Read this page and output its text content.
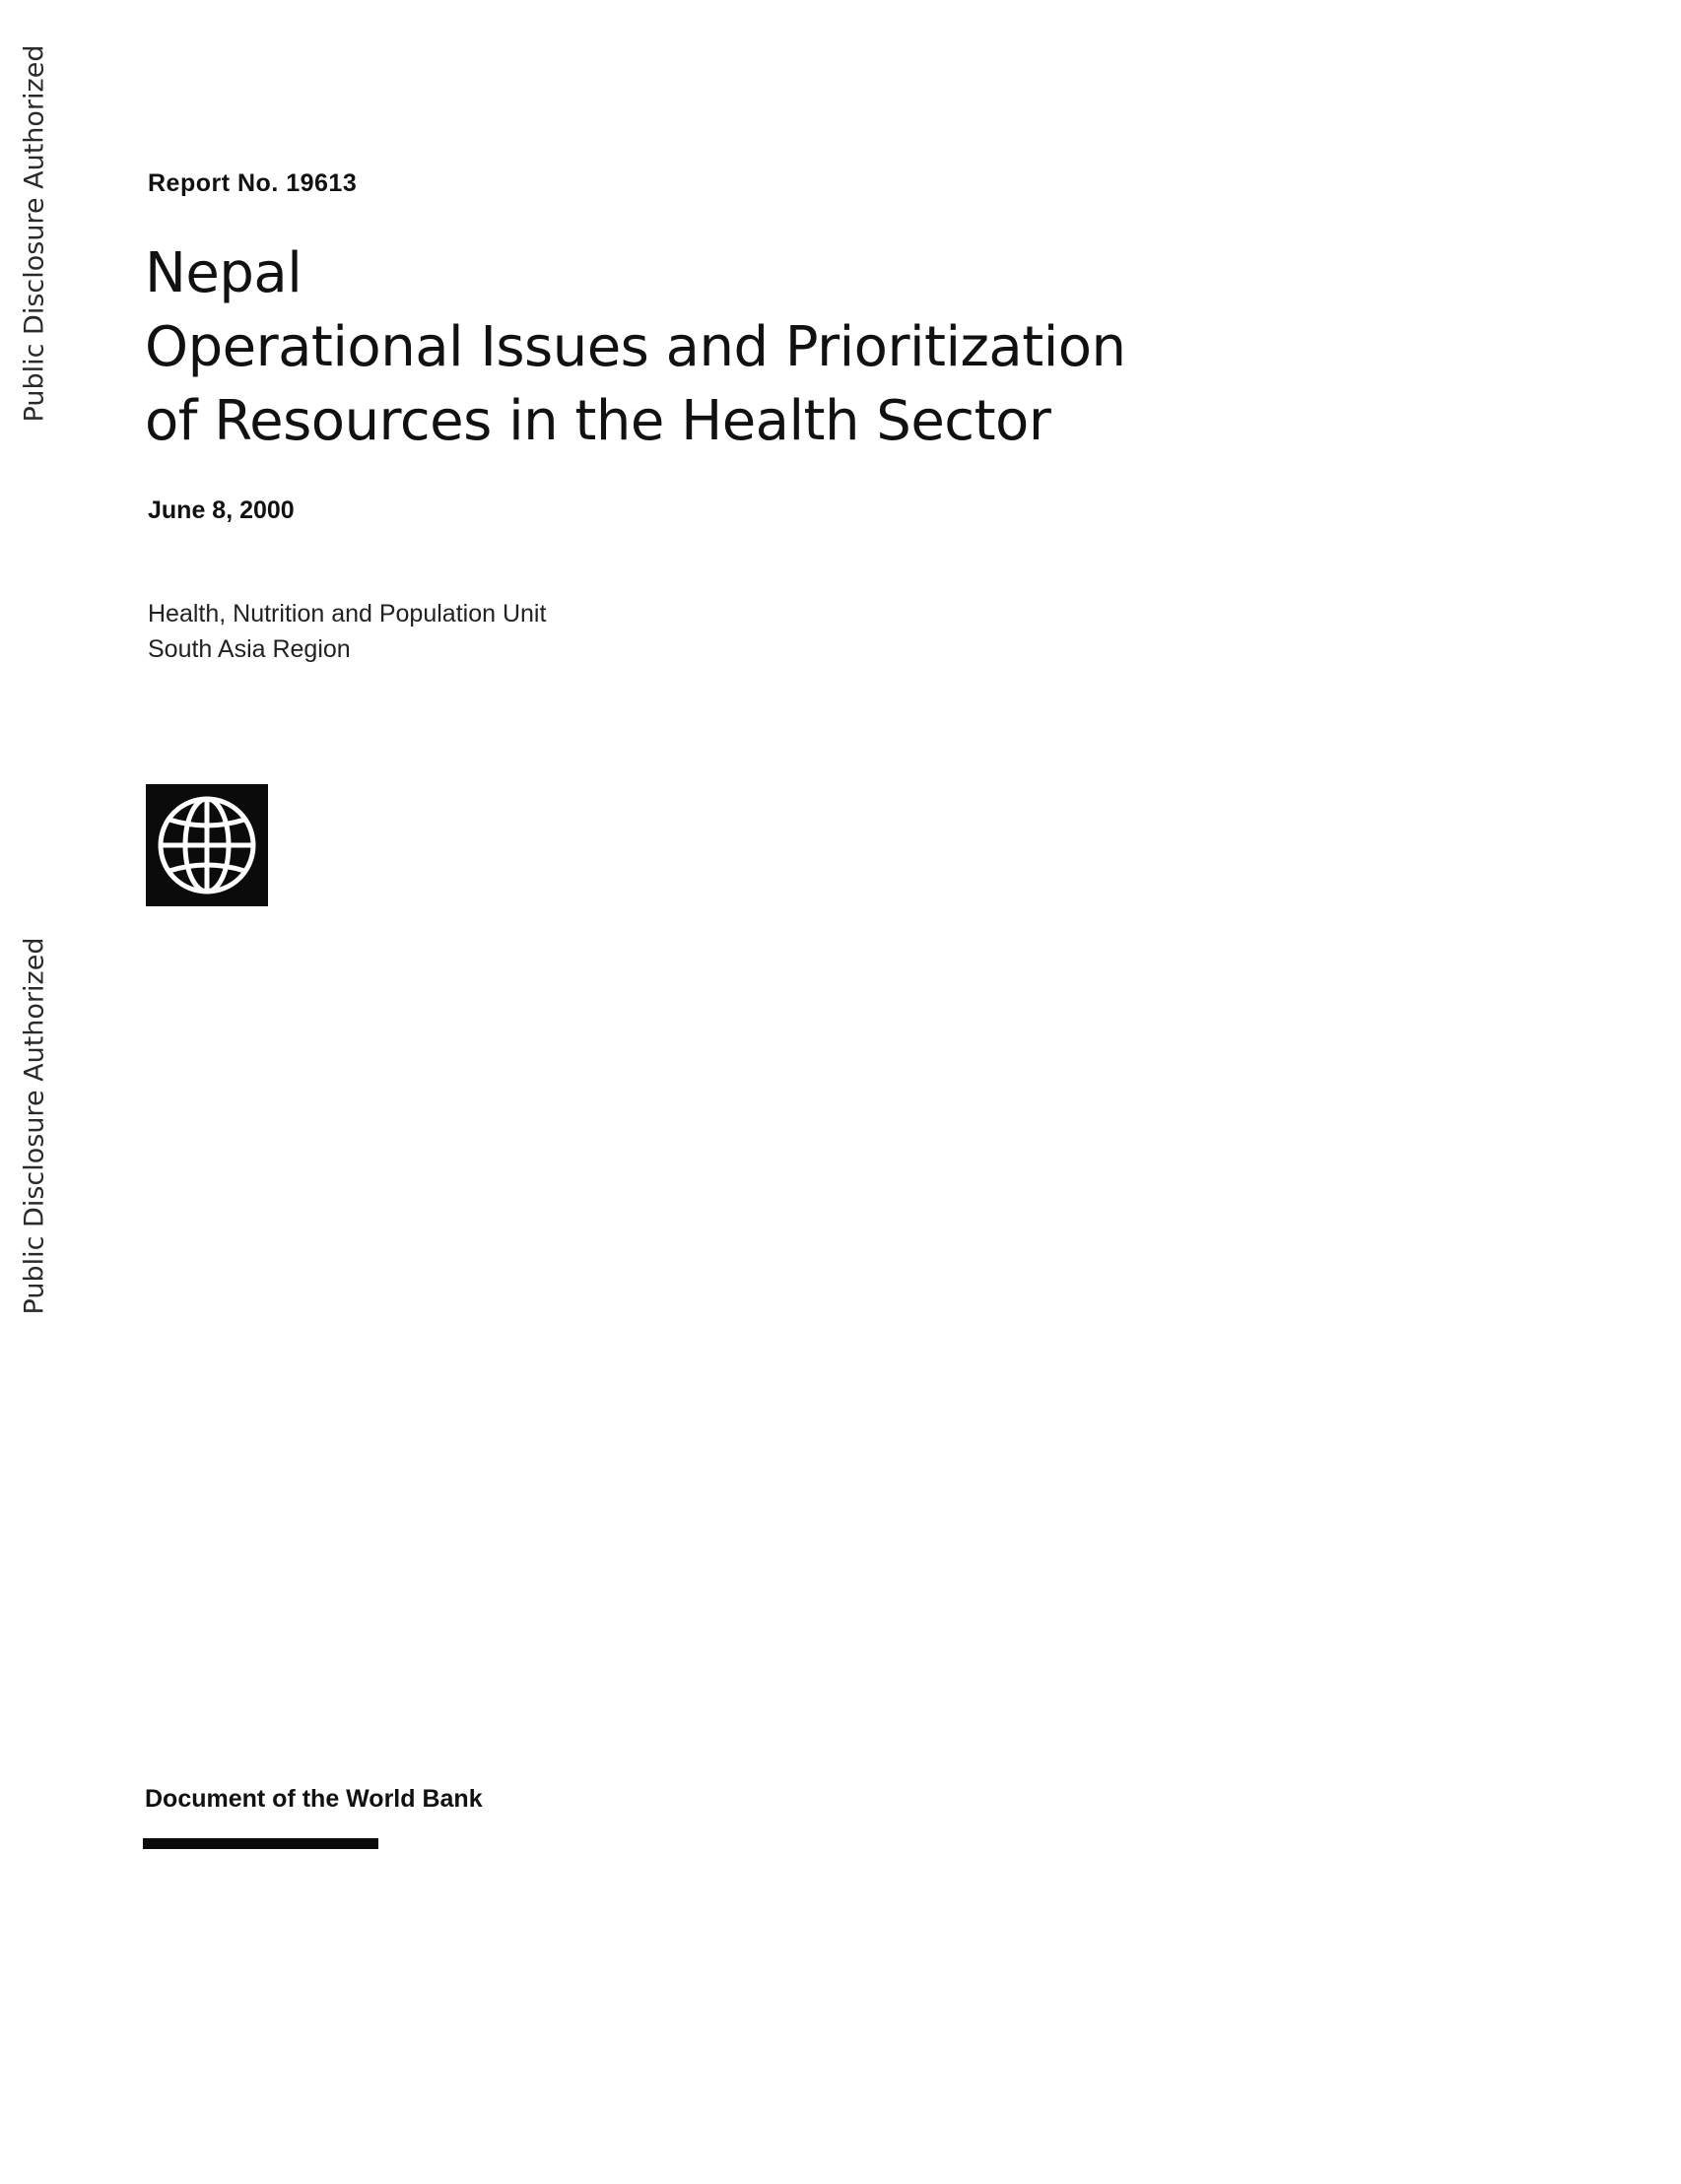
Public Disclosure Authorized
Public Disclosure Authorized
Report No. 19613
Nepal
Operational Issues and Prioritization
of Resources in the Health Sector
June 8, 2000
Health, Nutrition and Population Unit
South Asia Region
Document of the World Bank
